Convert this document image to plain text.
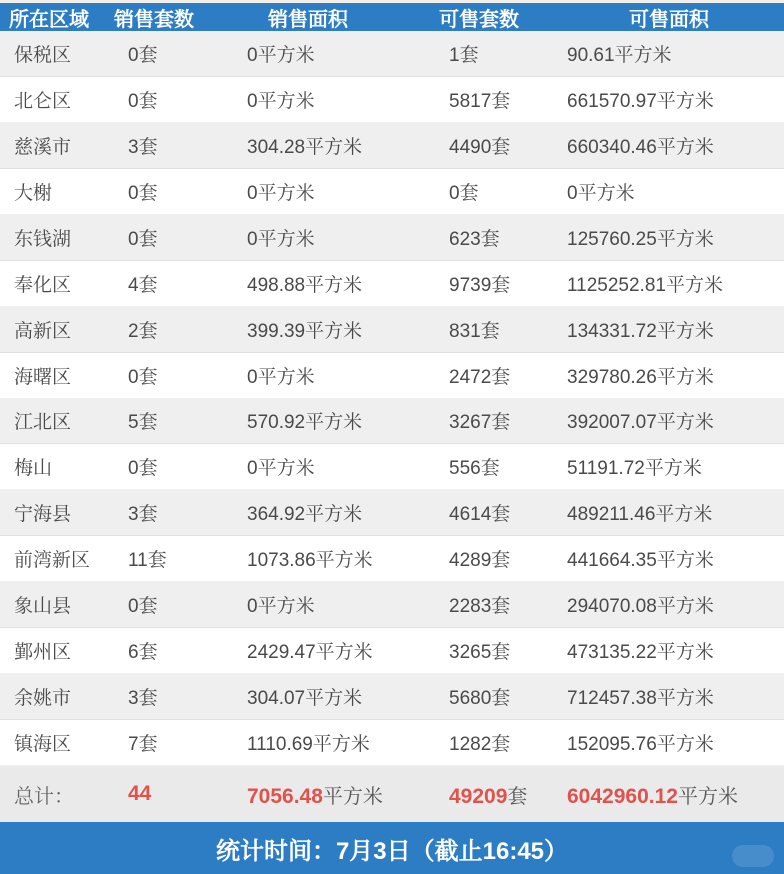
所在区域	销售套数	销售面积	可售套数	可售面积
保税区	0套	0平方米	1套	90.61平方米
北仑区	0套	0平方米	5817套	661570.97平方米
慈溪市	3套	304.28平方米	4490套	660340.46平方米
大榭	0套	0平方米	0套	0平方米
东钱湖	0套	0平方米	623套	125760.25平方米
奉化区	4套	498.88平方米	9739套	1125252.81平方米
高新区	2套	399.39平方米	831套	134331.72平方米
海曙区	0套	0平方米	2472套	329780.26平方米
江北区	5套	570.92平方米	3267套	392007.07平方米
梅山	0套	0平方米	556套	51191.72平方米
宁海县	3套	364.92平方米	4614套	489211.46平方米
前湾新区	11套	1073.86平方米	4289套	441664.35平方米
象山县	0套	0平方米	2283套	294070.08平方米
鄞州区	6套	2429.47平方米	3265套	473135.22平方米
余姚市	3套	304.07平方米	5680套	712457.38平方米
镇海区	7套	1110.69平方米	1282套	152095.76平方米
总计：	44	7056.48平方米	49209套	6042960.12平方米
统计时间：7月3日（截止16:45）
